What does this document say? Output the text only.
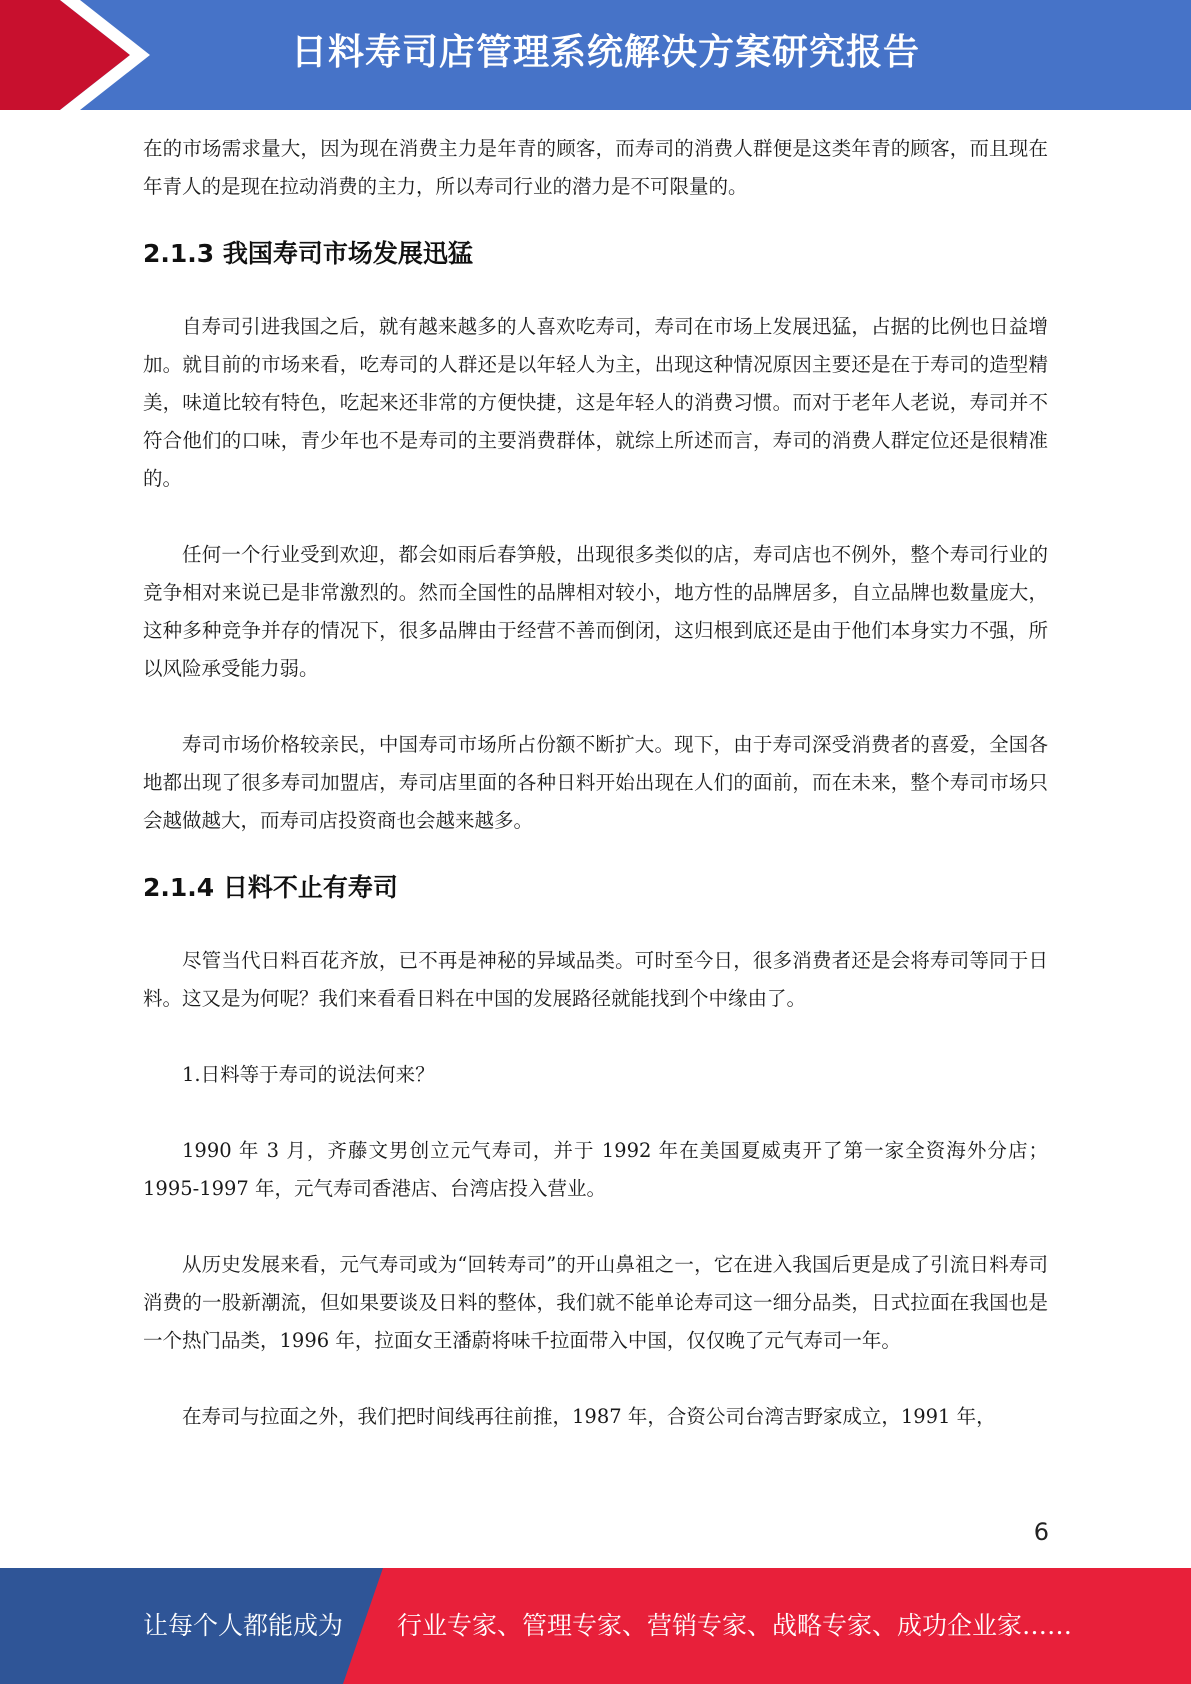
日料寿司店管理系统解决方案研究报告

在的市场需求量大，因为现在消费主力是年青的顾客，而寿司的消费人群便是这类年青的顾客，而且现在年青人的是现在拉动消费的主力，所以寿司行业的潜力是不可限量的。

2.1.3 我国寿司市场发展迅猛

自寿司引进我国之后，就有越来越多的人喜欢吃寿司，寿司在市场上发展迅猛，占据的比例也日益增加。就目前的市场来看，吃寿司的人群还是以年轻人为主，出现这种情况原因主要还是在于寿司的造型精美，味道比较有特色，吃起来还非常的方便快捷，这是年轻人的消费习惯。而对于老年人老说，寿司并不符合他们的口味，青少年也不是寿司的主要消费群体，就综上所述而言，寿司的消费人群定位还是很精准的。

任何一个行业受到欢迎，都会如雨后春笋般，出现很多类似的店，寿司店也不例外，整个寿司行业的竞争相对来说已是非常激烈的。然而全国性的品牌相对较小，地方性的品牌居多，自立品牌也数量庞大，这种多种竞争并存的情况下，很多品牌由于经营不善而倒闭，这归根到底还是由于他们本身实力不强，所以风险承受能力弱。

寿司市场价格较亲民，中国寿司市场所占份额不断扩大。现下，由于寿司深受消费者的喜爱，全国各地都出现了很多寿司加盟店，寿司店里面的各种日料开始出现在人们的面前，而在未来，整个寿司市场只会越做越大，而寿司店投资商也会越来越多。

2.1.4 日料不止有寿司

尽管当代日料百花齐放，已不再是神秘的异域品类。可时至今日，很多消费者还是会将寿司等同于日料。这又是为何呢？我们来看看日料在中国的发展路径就能找到个中缘由了。

1.日料等于寿司的说法何来？

1990 年 3 月，齐藤文男创立元气寿司，并于 1992 年在美国夏威夷开了第一家全资海外分店；1995-1997 年，元气寿司香港店、台湾店投入营业。

从历史发展来看，元气寿司或为“回转寿司”的开山鼻祖之一，它在进入我国后更是成了引流日料寿司消费的一股新潮流，但如果要谈及日料的整体，我们就不能单论寿司这一细分品类，日式拉面在我国也是一个热门品类，1996 年，拉面女王潘蔚将味千拉面带入中国，仅仅晚了元气寿司一年。

在寿司与拉面之外，我们把时间线再往前推，1987 年，合资公司台湾吉野家成立，1991 年，

6
让每个人都能成为 行业专家、管理专家、营销专家、战略专家、成功企业家……
